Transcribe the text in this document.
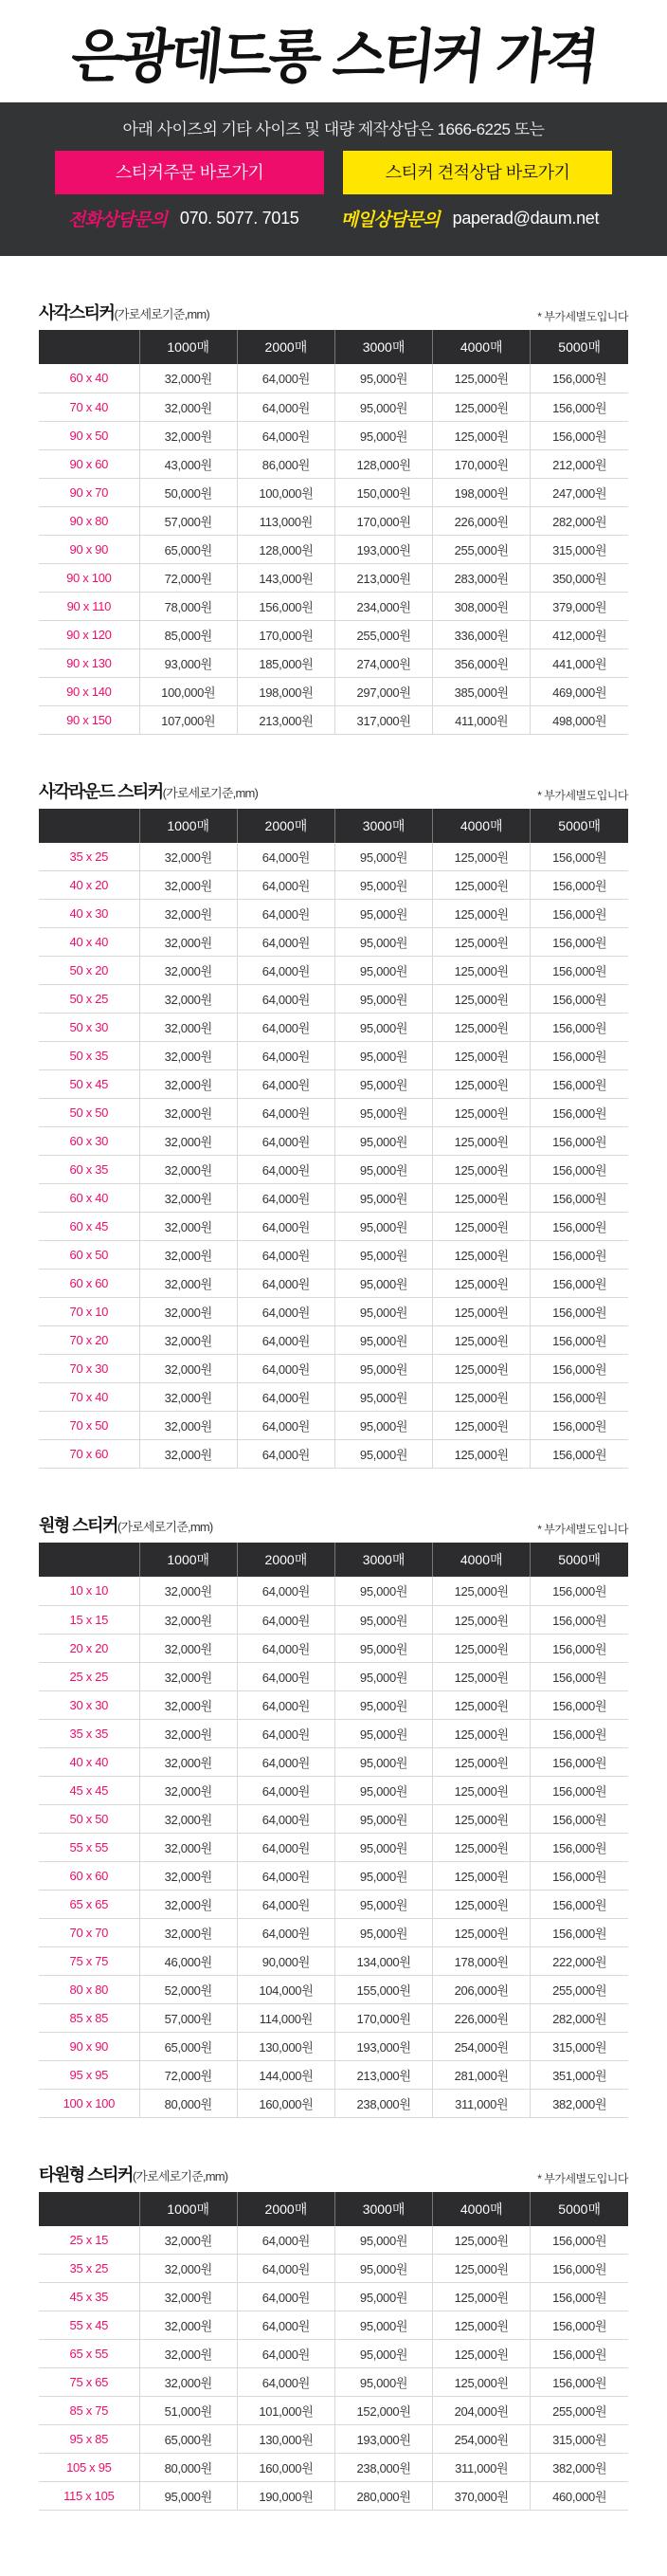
은광데드롱 스티커 가격

아래 사이즈외 기타 사이즈 및 대량 제작상담은 1666-6225 또는

스티커주문 바로가기	스티커 견적상담 바로가기
전화상담문의 070. 5077. 7015 메일상담문의 paperad@daum.net
사각스티커(가로세로기준,mm)	* 부가세별도입니다
	1000매	2000매	3000매	4000매	5000매
60 x 40	32,000원	64,000원	95,000원	125,000원	156,000원
70 x 40	32,000원	64,000원	95,000원	125,000원	156,000원
90 x 50	32,000원	64,000원	95,000원	125,000원	156,000원
90 x 60	43,000원	86,000원	128,000원	170,000원	212,000원
90 x 70	50,000원	100,000원	150,000원	198,000원	247,000원
90 x 80	57,000원	113,000원	170,000원	226,000원	282,000원
90 x 90	65,000원	128,000원	193,000원	255,000원	315,000원
90 x 100	72,000원	143,000원	213,000원	283,000원	350,000원
90 x 110	78,000원	156,000원	234,000원	308,000원	379,000원
90 x 120	85,000원	170,000원	255,000원	336,000원	412,000원
90 x 130	93,000원	185,000원	274,000원	356,000원	441,000원
90 x 140	100,000원	198,000원	297,000원	385,000원	469,000원
90 x 150	107,000원	213,000원	317,000원	411,000원	498,000원
사각라운드 스티커(가로세로기준,mm)	* 부가세별도입니다
	1000매	2000매	3000매	4000매	5000매
35 x 25	32,000원	64,000원	95,000원	125,000원	156,000원
40 x 20	32,000원	64,000원	95,000원	125,000원	156,000원
40 x 30	32,000원	64,000원	95,000원	125,000원	156,000원
40 x 40	32,000원	64,000원	95,000원	125,000원	156,000원
50 x 20	32,000원	64,000원	95,000원	125,000원	156,000원
50 x 25	32,000원	64,000원	95,000원	125,000원	156,000원
50 x 30	32,000원	64,000원	95,000원	125,000원	156,000원
50 x 35	32,000원	64,000원	95,000원	125,000원	156,000원
50 x 45	32,000원	64,000원	95,000원	125,000원	156,000원
50 x 50	32,000원	64,000원	95,000원	125,000원	156,000원
60 x 30	32,000원	64,000원	95,000원	125,000원	156,000원
60 x 35	32,000원	64,000원	95,000원	125,000원	156,000원
60 x 40	32,000원	64,000원	95,000원	125,000원	156,000원
60 x 45	32,000원	64,000원	95,000원	125,000원	156,000원
60 x 50	32,000원	64,000원	95,000원	125,000원	156,000원
60 x 60	32,000원	64,000원	95,000원	125,000원	156,000원
70 x 10	32,000원	64,000원	95,000원	125,000원	156,000원
70 x 20	32,000원	64,000원	95,000원	125,000원	156,000원
70 x 30	32,000원	64,000원	95,000원	125,000원	156,000원
70 x 40	32,000원	64,000원	95,000원	125,000원	156,000원
70 x 50	32,000원	64,000원	95,000원	125,000원	156,000원
70 x 60	32,000원	64,000원	95,000원	125,000원	156,000원
원형 스티커(가로세로기준,mm)	* 부가세별도입니다
	1000매	2000매	3000매	4000매	5000매
10 x 10	32,000원	64,000원	95,000원	125,000원	156,000원
15 x 15	32,000원	64,000원	95,000원	125,000원	156,000원
20 x 20	32,000원	64,000원	95,000원	125,000원	156,000원
25 x 25	32,000원	64,000원	95,000원	125,000원	156,000원
30 x 30	32,000원	64,000원	95,000원	125,000원	156,000원
35 x 35	32,000원	64,000원	95,000원	125,000원	156,000원
40 x 40	32,000원	64,000원	95,000원	125,000원	156,000원
45 x 45	32,000원	64,000원	95,000원	125,000원	156,000원
50 x 50	32,000원	64,000원	95,000원	125,000원	156,000원
55 x 55	32,000원	64,000원	95,000원	125,000원	156,000원
60 x 60	32,000원	64,000원	95,000원	125,000원	156,000원
65 x 65	32,000원	64,000원	95,000원	125,000원	156,000원
70 x 70	32,000원	64,000원	95,000원	125,000원	156,000원
75 x 75	46,000원	90,000원	134,000원	178,000원	222,000원
80 x 80	52,000원	104,000원	155,000원	206,000원	255,000원
85 x 85	57,000원	114,000원	170,000원	226,000원	282,000원
90 x 90	65,000원	130,000원	193,000원	254,000원	315,000원
95 x 95	72,000원	144,000원	213,000원	281,000원	351,000원
100 x 100	80,000원	160,000원	238,000원	311,000원	382,000원
타원형 스티커(가로세로기준,mm)	* 부가세별도입니다
	1000매	2000매	3000매	4000매	5000매
25 x 15	32,000원	64,000원	95,000원	125,000원	156,000원
35 x 25	32,000원	64,000원	95,000원	125,000원	156,000원
45 x 35	32,000원	64,000원	95,000원	125,000원	156,000원
55 x 45	32,000원	64,000원	95,000원	125,000원	156,000원
65 x 55	32,000원	64,000원	95,000원	125,000원	156,000원
75 x 65	32,000원	64,000원	95,000원	125,000원	156,000원
85 x 75	51,000원	101,000원	152,000원	204,000원	255,000원
95 x 85	65,000원	130,000원	193,000원	254,000원	315,000원
105 x 95	80,000원	160,000원	238,000원	311,000원	382,000원
115 x 105	95,000원	190,000원	280,000원	370,000원	460,000원
